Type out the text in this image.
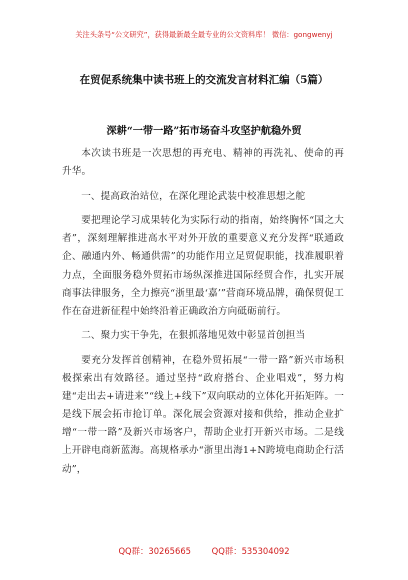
关注头条号“公文研究”，获得最新最全最专业的公文资料库！ 微信：gongwenyj
在贸促系统集中读书班上的交流发言材料汇编（5篇）
深耕“一带一路”拓市场奋斗攻坚护航稳外贸

本次读书班是一次思想的再充电、精神的再洗礼、使命的再升华。

一、提高政治站位，在深化理论武装中校准思想之舵

要把理论学习成果转化为实际行动的指南，始终胸怀“国之大者”，深刻理解推进高水平对外开放的重要意义充分发挥“联通政企、融通内外、畅通供需”的功能作用立足贸促职能，找准履职着力点，全面服务稳外贸拓市场纵深推进国际经贸合作，扎实开展商事法律服务，全力擦亮“浙里最‘嘉’”营商环境品牌，确保贸促工作在奋进新征程中始终沿着正确政治方向砥砺前行。

二、聚力实干争先，在狠抓落地见效中彰显首创担当

要充分发挥首创精神，在稳外贸拓展“一带一路”新兴市场积极探索出有效路径。通过坚持“政府搭台、企业唱戏”，努力构建“走出去+请进来”“线上+线下”双向联动的立体化开拓矩阵。一是线下展会拓市抢订单。深化展会资源对接和供给，推动企业扩增“一带一路”及新兴市场客户，帮助企业打开新兴市场。二是线上开辟电商新蓝海。高规格承办“浙里出海1+N跨境电商助企行活动”，

QQ群：30265665 QQ群：535304092
